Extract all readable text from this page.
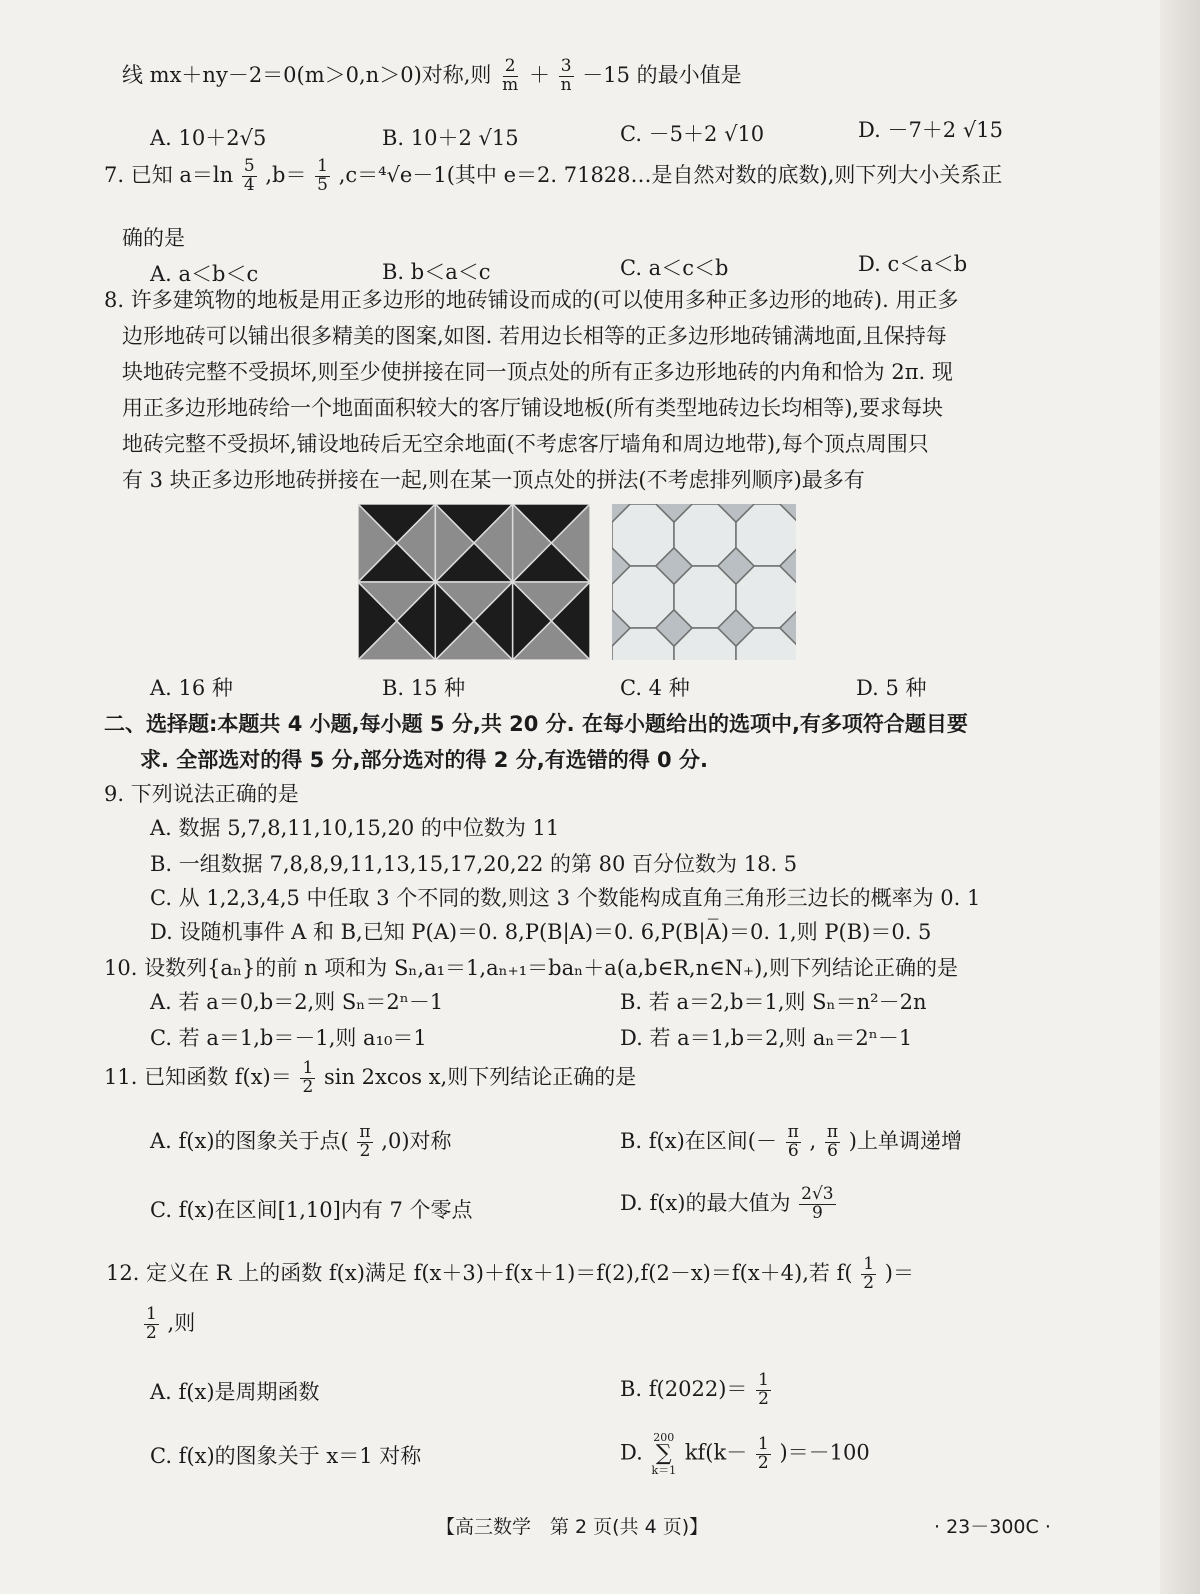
线 mx＋ny－2＝0(m＞0,n＞0)对称,则 $\frac{2}{m} + \frac{3}{n} -15$ 的最小值是
A. 10＋2√5	B. 10＋2 √15	C. －5＋2 √10	D. －7＋2 √15
7. 已知 $a=\ln \frac{5}{4} ,b= \frac{1}{5} ,c=^4√e-1$(其中 e＝2. 71828…是自然对数的底数),则下列大小关系正
确的是
A. a＜b＜c	B. b＜a＜c	C. a＜c＜b	D. c＜a＜b
8. 许多建筑物的地板是用正多边形的地砖铺设而成的(可以使用多种正多边形的地砖). 用正多
边形地砖可以铺出很多精美的图案,如图. 若用边长相等的正多边形地砖铺满地面,且保持每
块地砖完整不受损坏,则至少使拼接在同一顶点处的所有正多边形地砖的内角和恰为 2π. 现
用正多边形地砖给一个地面面积较大的客厅铺设地板(所有类型地砖边长均相等),要求每块
地砖完整不受损坏,铺设地砖后无空余地面(不考虑客厅墙角和周边地带),每个顶点周围只
有 3 块正多边形地砖拼接在一起,则在某一顶点处的拼法(不考虑排列顺序)最多有
A. 16 种	B. 15 种	C. 4 种	D. 5 种
二、选择题:本题共 4 小题,每小题 5 分,共 20 分. 在每小题给出的选项中,有多项符合题目要
求. 全部选对的得 5 分,部分选对的得 2 分,有选错的得 0 分.
9. 下列说法正确的是
A. 数据 5,7,8,11,10,15,20 的中位数为 11
B. 一组数据 7,8,8,9,11,13,15,17,20,22 的第 80 百分位数为 18. 5
C. 从 1,2,3,4,5 中任取 3 个不同的数,则这 3 个数能构成直角三角形三边长的概率为 0. 1
D. 设随机事件 A 和 B,已知 P(A)＝0. 8,P(B|A)＝0. 6,P(B|A̅)＝0. 1,则 P(B)＝0. 5
10. 设数列{aₙ}的前 n 项和为 Sₙ,a₁＝1,aₙ₊₁＝baₙ＋a(a,b∈R,n∈N₊),则下列结论正确的是
A. 若 a＝0,b＝2,则 Sₙ＝2ⁿ－1	B. 若 a＝2,b＝1,则 Sₙ＝n²－2n
C. 若 a＝1,b＝－1,则 a₁₀＝1	D. 若 a＝1,b＝2,则 aₙ＝2ⁿ－1
11. 已知函数 $f(x)= \frac{1}{2}$ sin 2xcos x,则下列结论正确的是
A. f(x)的图象关于点( $\frac{\pi}{2} ,0$)对称	B. f(x)在区间(－ $\frac{\pi}{6}$ , $\frac{\pi}{6}$ )上单调递增
C. f(x)在区间[1,10]内有 7 个零点	D. f(x)的最大值为 $\frac{2√3}{9}$
12. 定义在 R 上的函数 f(x)满足 f(x＋3)＋f(x＋1)＝f(2),f(2－x)＝f(x＋4),若 $f( \frac{1}{2}$ )＝
$\frac{1}{2}$ ,则
A. f(x)是周期函数	B. $f(2022)= \frac{1}{2}$
C. f(x)的图象关于 x＝1 对称	D.
200
∑
k＝1
$kf(k- \frac{1}{2} )=-100$
【高三数学　第 2 页(共 4 页)】	· 23－300C ·
